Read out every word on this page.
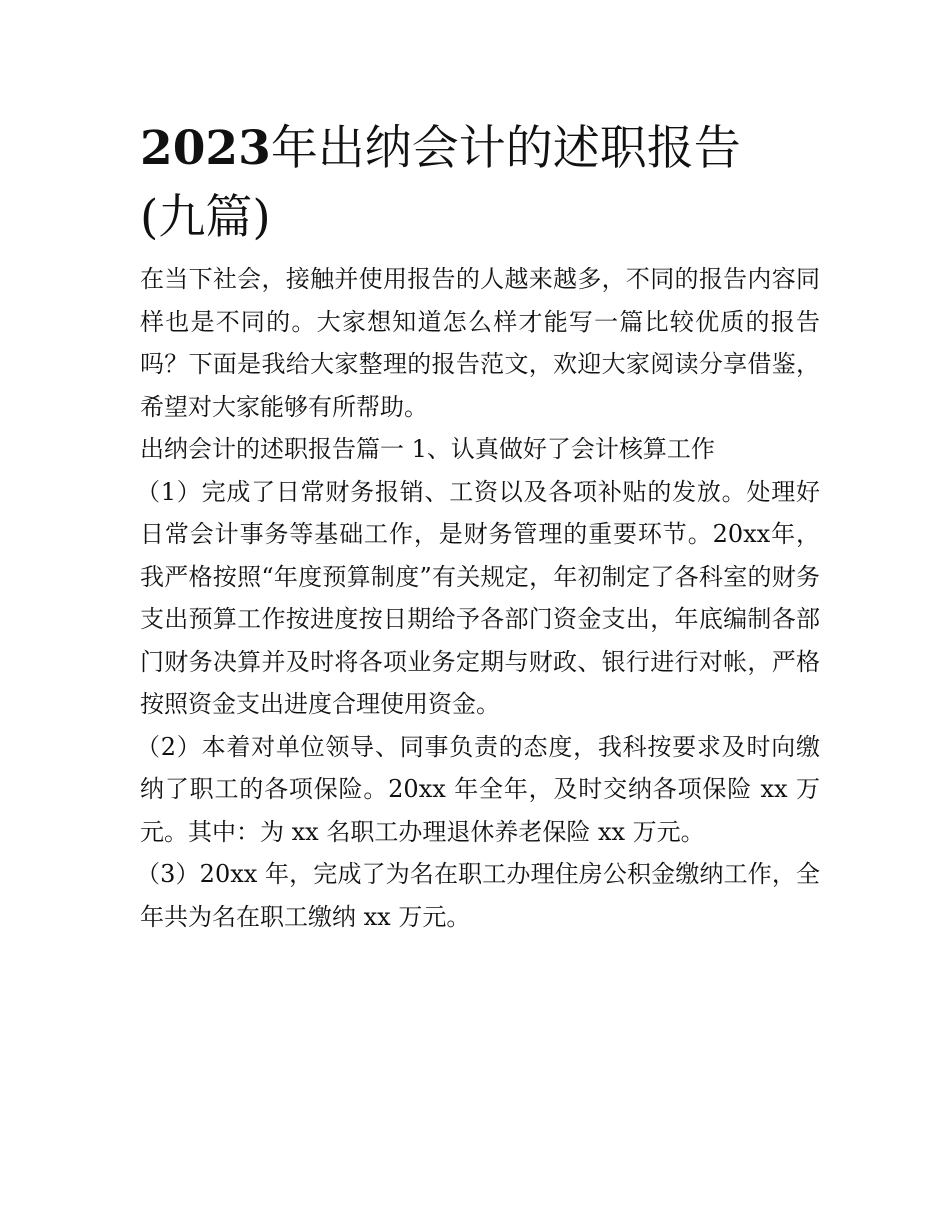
2023年出纳会计的述职报告(九篇)

在当下社会，接触并使用报告的人越来越多，不同的报告内容同样也是不同的。大家想知道怎么样才能写一篇比较优质的报告吗？下面是我给大家整理的报告范文，欢迎大家阅读分享借鉴，希望对大家能够有所帮助。

出纳会计的述职报告篇一 1、认真做好了会计核算工作

（1）完成了日常财务报销、工资以及各项补贴的发放。处理好日常会计事务等基础工作，是财务管理的重要环节。20xx年，我严格按照“年度预算制度”有关规定，年初制定了各科室的财务支出预算工作按进度按日期给予各部门资金支出，年底编制各部门财务决算并及时将各项业务定期与财政、银行进行对帐，严格按照资金支出进度合理使用资金。

（2）本着对单位领导、同事负责的态度，我科按要求及时向缴纳了职工的各项保险。20xx 年全年，及时交纳各项保险 xx 万元。其中：为 xx 名职工办理退休养老保险 xx 万元。

（3）20xx 年，完成了为名在职工办理住房公积金缴纳工作，全年共为名在职工缴纳 xx 万元。
